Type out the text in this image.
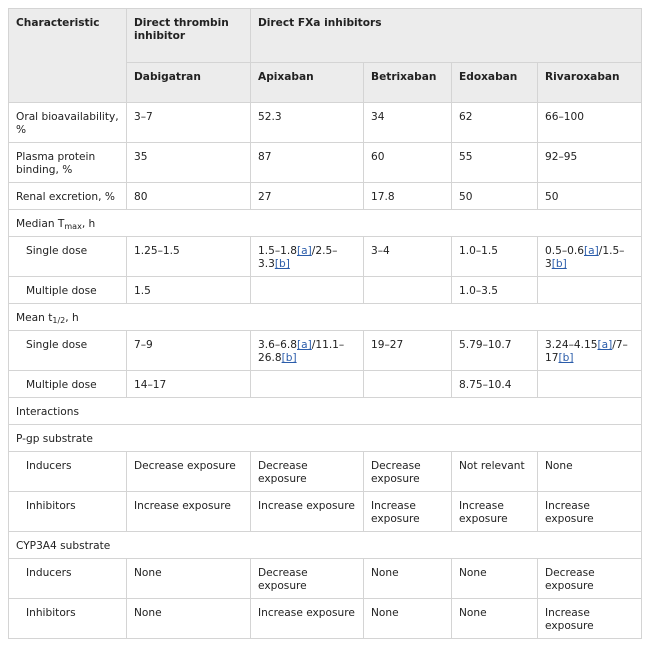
Characteristic	Direct thrombin inhibitor	Direct FXa inhibitors			
	Dabigatran	Apixaban	Betrixaban	Edoxaban	Rivaroxaban
Oral bioavailability, %	3–7	52.3	34	62	66–100
Plasma protein binding, %	35	87	60	55	92–95
Renal excretion, %	80	27	17.8	50	50
Median $T_{max}$, h					
Single dose	1.25–1.5	1.5–1.8[a]/2.5–3.3[b]	3–4	1.0–1.5	0.5–0.6[a]/1.5–3[b]
Multiple dose	1.5			1.0–3.5	
Mean $t_{1/2}$, h					
Single dose	7–9	3.6–6.8[a]/11.1–26.8[b]	19–27	5.79–10.7	3.24–4.15[a]/7–17[b]
Multiple dose	14–17			8.75–10.4	
Interactions					
P-gp substrate					
Inducers	Decrease exposure	Decrease exposure	Decrease exposure	Not relevant	None
Inhibitors	Increase exposure	Increase exposure	Increase exposure	Increase exposure	Increase exposure
CYP3A4 substrate					
Inducers	None	Decrease exposure	None	None	Decrease exposure
Inhibitors	None	Increase exposure	None	None	Increase exposure
